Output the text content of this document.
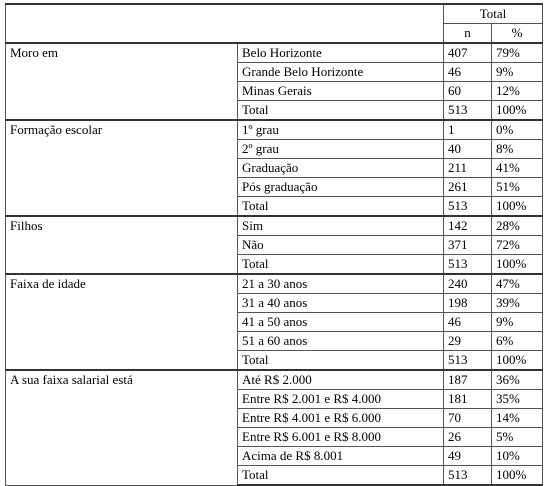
		Total	
		n	%
Moro em	Belo Horizonte	407	79%
	Grande Belo Horizonte	46	9%
	Minas Gerais	60	12%
	Total	513	100%
Formação escolar	1º grau	1	0%
	2º grau	40	8%
	Graduação	211	41%
	Pós graduação	261	51%
	Total	513	100%
Filhos	Sim	142	28%
	Não	371	72%
	Total	513	100%
Faixa de idade	21 a 30 anos	240	47%
	31 a 40 anos	198	39%
	41 a 50 anos	46	9%
	51 a 60 anos	29	6%
	Total	513	100%
A sua faixa salarial está	Até R$ 2.000	187	36%
	Entre R$ 2.001 e R$ 4.000	181	35%
	Entre R$ 4.001 e R$ 6.000	70	14%
	Entre R$ 6.001 e R$ 8.000	26	5%
	Acima de R$ 8.001	49	10%
	Total	513	100%
